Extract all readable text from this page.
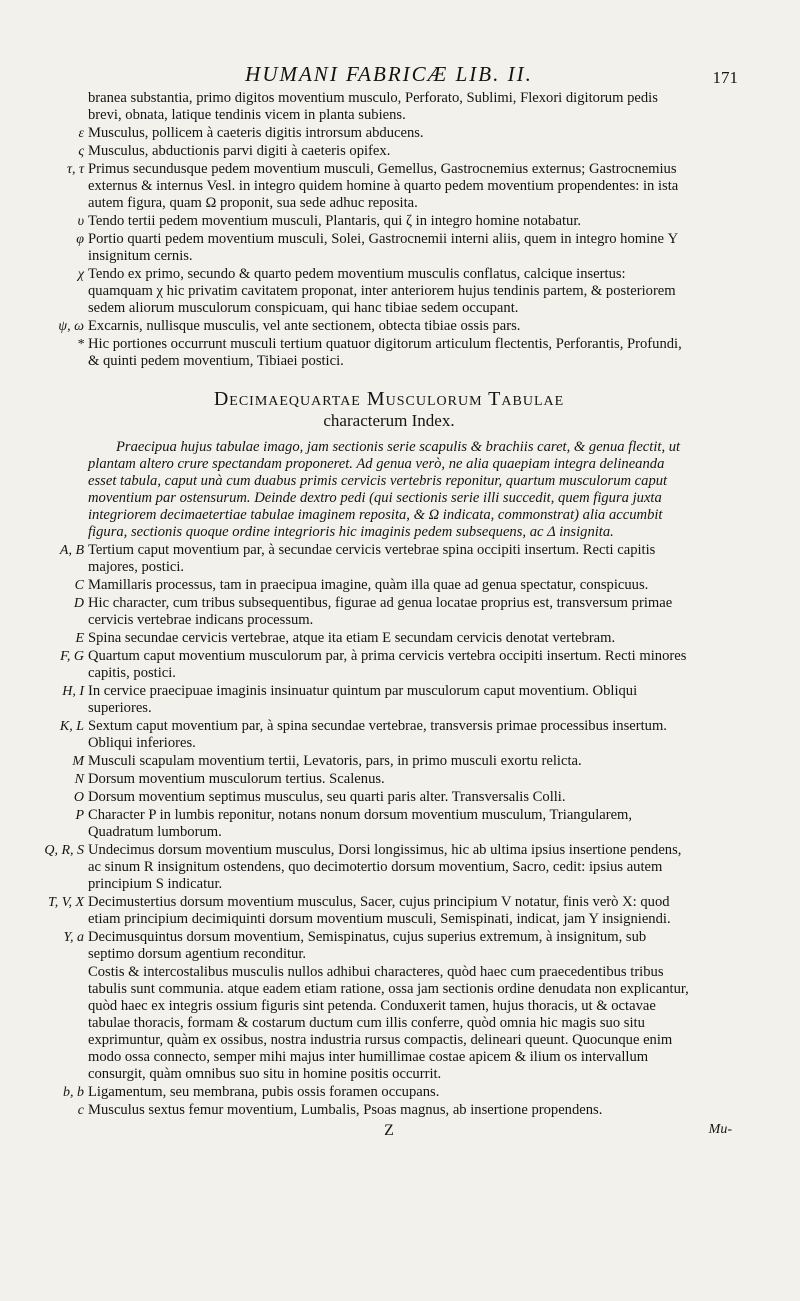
HUMANI FABRICÆ LIB. II.	171
branea substantia, primo digitos moventium musculo, Perforato, Sublimi, Flexori digitorum pedis brevi, obnata, latique tendinis vicem in planta subiens.
ε Musculus, pollicem à caeteris digitis introrsum abducens.
ς Musculus, abductionis parvi digiti à caeteris opifex.
τ, τ Primus secundusque pedem moventium musculi, Gemellus, Gastrocnemius externus; Gastrocnemius externus & internus Vesl. in integro quidem homine à quarto pedem moventium propendentes: in ista autem figura, quam Ω proponit, sua sede adhuc reposita.
υ Tendo tertii pedem moventium musculi, Plantaris, qui ζ in integro homine notabatur.
φ Portio quarti pedem moventium musculi, Solei, Gastrocnemii interni aliis, quem in integro homine Υ insignitum cernis.
χ Tendo ex primo, secundo & quarto pedem moventium musculis conflatus, calcique insertus: quamquam χ hic privatim cavitatem proponat, inter anteriorem hujus tendinis partem, & posteriorem sedem aliorum musculorum conspicuam, qui hanc tibiae sedem occupant.
ψ, ω Excarnis, nullisque musculis, vel ante sectionem, obtecta tibiae ossis pars.
* Hic portiones occurrunt musculi tertium quatuor digitorum articulum flectentis, Perforantis, Profundi, & quinti pedem moventium, Tibiaei postici.
Decimaequartae Musculorum Tabulae
characterum Index.
Praecipua hujus tabulae imago, jam sectionis serie scapulis & brachiis caret, & genua flectit, ut plantam altero crure spectandam proponeret. Ad genua verò, ne alia quaepiam integra delineanda esset tabula, caput unà cum duabus primis cervicis vertebris reponitur, quartum musculorum caput moventium par ostensurum. Deinde dextro pedi (qui sectionis serie illi succedit, quem figura juxta integriorem decimaetertiae tabulae imaginem reposita, & Ω indicata, commonstrat) alia accumbit figura, sectionis quoque ordine integrioris hic imaginis pedem subsequens, ac Δ insignita.
A, B Tertium caput moventium par, à secundae cervicis vertebrae spina occipiti insertum. Recti capitis majores, postici.
C Mamillaris processus, tam in praecipua imagine, quàm illa quae ad genua spectatur, conspicuus.
D Hic character, cum tribus subsequentibus, figurae ad genua locatae proprius est, transversum primae cervicis vertebrae indicans processum.
E Spina secundae cervicis vertebrae, atque ita etiam E secundam cervicis denotat vertebram.
F, G Quartum caput moventium musculorum par, à prima cervicis vertebra occipiti insertum. Recti minores capitis, postici.
H, I In cervice praecipuae imaginis insinuatur quintum par musculorum caput moventium. Obliqui superiores.
K, L Sextum caput moventium par, à spina secundae vertebrae, transversis primae processibus insertum. Obliqui inferiores.
M Musculi scapulam moventium tertii, Levatoris, pars, in primo musculi exortu relicta.
N Dorsum moventium musculorum tertius. Scalenus.
O Dorsum moventium septimus musculus, seu quarti paris alter. Transversalis Colli.
P Character P in lumbis reponitur, notans nonum dorsum moventium musculum, Triangularem, Quadratum lumborum.
Q, R, S Undecimus dorsum moventium musculus, Dorsi longissimus, hic ab ultima ipsius insertione pendens, ac sinum R insignitum ostendens, quo decimotertio dorsum moventium, Sacro, cedit: ipsius autem principium S indicatur.
T, V, X Decimustertius dorsum moventium musculus, Sacer, cujus principium V notatur, finis verò X: quod etiam principium decimiquinti dorsum moventium musculi, Semispinati, indicat, jam Y insigniendi.
Y, a Decimusquintus dorsum moventium, Semispinatus, cujus superius extremum, à insignitum, sub septimo dorsum agentium reconditur.
Costis & intercostalibus musculis nullos adhibui characteres, quòd haec cum praecedentibus tribus tabulis sunt communia. atque eadem etiam ratione, ossa jam sectionis ordine denudata non explicantur, quòd haec ex integris ossium figuris sint petenda. Conduxerit tamen, hujus thoracis, ut & octavae tabulae thoracis, formam & costarum ductum cum illis conferre, quòd omnia hic magis suo situ exprimuntur, quàm ex ossibus, nostra industria rursus compactis, delineari queunt. Quocunque enim modo ossa connecto, semper mihi majus inter humillimae costae apicem & ilium os intervallum consurgit, quàm omnibus suo situ in homine positis occurrit.
b, b Ligamentum, seu membrana, pubis ossis foramen occupans.
c Musculus sextus femur moventium, Lumbalis, Psoas magnus, ab insertione propendens.
Z	Mu-
